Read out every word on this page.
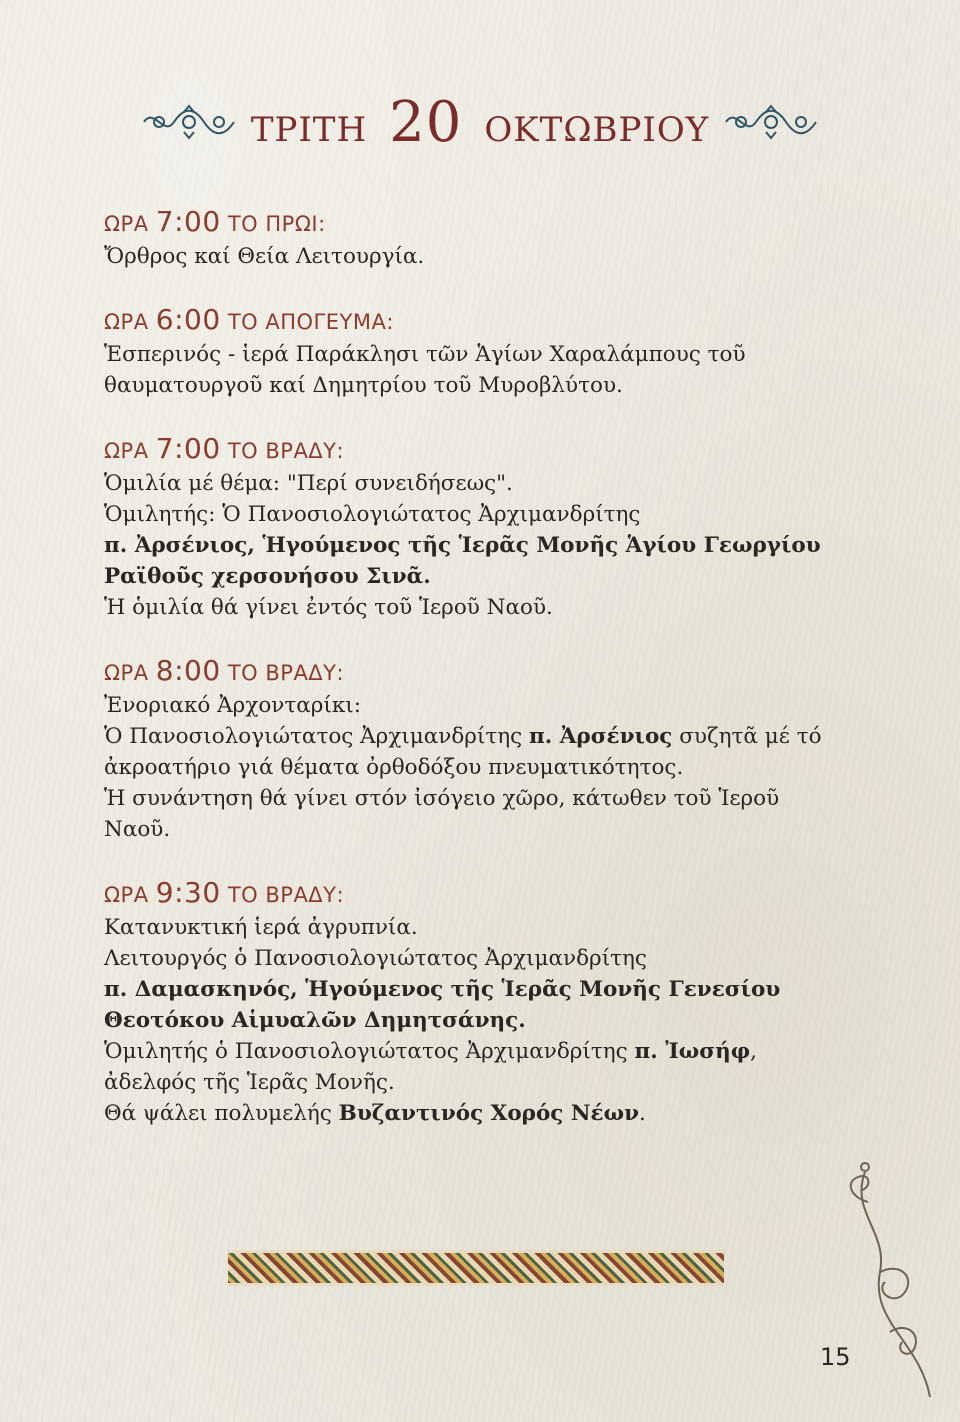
ΤΡΙΤΗ 20 ΟΚΤΩΒΡΙΟΥ
ΩΡΑ 7:00 ΤΟ ΠΡΩΙ:
Ὄρθρος καί Θεία Λειτουργία.
ΩΡΑ 6:00 ΤΟ ΑΠΟΓΕΥΜΑ:
Ἑσπερινός - ἱερά Παράκλησι τῶν Ἁγίων Χαραλάμπους τοῦ
θαυματουργοῦ καί Δημητρίου τοῦ Μυροβλύτου.
ΩΡΑ 7:00 ΤΟ ΒΡΑΔΥ:
Ὁμιλία μέ θέμα: "Περί συνειδήσεως".
Ὁμιλητής: Ὁ Πανοσιολογιώτατος Ἀρχιμανδρίτης
π. Ἀρσένιος, Ἡγούμενος τῆς Ἱερᾶς Μονῆς Ἁγίου Γεωργίου
Ραϊθοῦς χερσονήσου Σινᾶ.
Ἡ ὁμιλία θά γίνει ἐντός τοῦ Ἱεροῦ Ναοῦ.
ΩΡΑ 8:00 ΤΟ ΒΡΑΔΥ:
Ἐνοριακό Ἀρχονταρίκι:
Ὁ Πανοσιολογιώτατος Ἀρχιμανδρίτης π. Ἀρσένιος συζητᾶ μέ τό
ἀκροατήριο γιά θέματα ὀρθοδόξου πνευματικότητος.
Ἡ συνάντηση θά γίνει στόν ἰσόγειο χῶρο, κάτωθεν τοῦ Ἱεροῦ
Ναοῦ.
ΩΡΑ 9:30 ΤΟ ΒΡΑΔΥ:
Κατανυκτική ἱερά ἀγρυπνία.
Λειτουργός ὁ Πανοσιολογιώτατος Ἀρχιμανδρίτης
π. Δαμασκηνός, Ἡγούμενος τῆς Ἱερᾶς Μονῆς Γενεσίου
Θεοτόκου Αἱμυαλῶν Δημητσάνης.
Ὁμιλητής ὁ Πανοσιολογιώτατος Ἀρχιμανδρίτης π. Ἰωσήφ,
ἀδελφός τῆς Ἱερᾶς Μονῆς.
Θά ψάλει πολυμελής Βυζαντινός Χορός Νέων.
15
